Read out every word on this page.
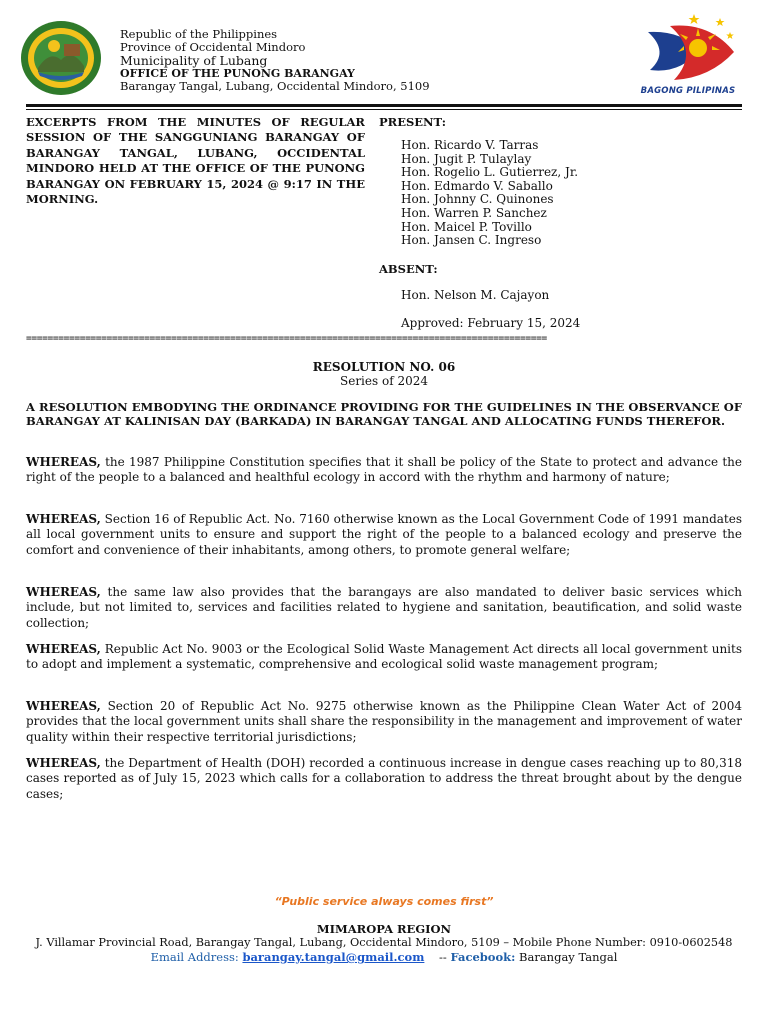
Republic of the Philippines
Province of Occidental Mindoro
Municipality of Lubang
OFFICE OF THE PUNONG BARANGAY
Barangay Tangal, Lubang, Occidental Mindoro, 5109	BAGONG PILIPINAS
EXCERPTS FROM THE MINUTES OF REGULAR SESSION OF THE SANGGUNIANG BARANGAY OF BARANGAY TANGAL, LUBANG, OCCIDENTAL MINDORO HELD AT THE OFFICE OF THE PUNONG BARANGAY ON FEBRUARY 15, 2024 @ 9:17 IN THE MORNING.
PRESENT:
Hon. Ricardo V. Tarras
Hon. Jugit P. Tulaylay
Hon. Rogelio L. Gutierrez, Jr.
Hon. Edmardo V. Saballo
Hon. Johnny C. Quinones
Hon. Warren P. Sanchez
Hon. Maicel P. Tovillo
Hon. Jansen C. Ingreso
ABSENT:
Hon. Nelson M. Cajayon
Approved: February 15, 2024
=================================================================================================
RESOLUTION NO. 06
Series of 2024
A RESOLUTION EMBODYING THE ORDINANCE PROVIDING FOR THE GUIDELINES IN THE OBSERVANCE OF BARANGAY AT KALINISAN DAY (BARKADA) IN BARANGAY TANGAL AND ALLOCATING FUNDS THEREFOR.
WHEREAS, the 1987 Philippine Constitution specifies that it shall be policy of the State to protect and advance the right of the people to a balanced and healthful ecology in accord with the rhythm and harmony of nature;
WHEREAS, Section 16 of Republic Act. No. 7160 otherwise known as the Local Government Code of 1991 mandates all local government units to ensure and support the right of the people to a balanced ecology and preserve the comfort and convenience of their inhabitants, among others, to promote general welfare;
WHEREAS, the same law also provides that the barangays are also mandated to deliver basic services which include, but not limited to, services and facilities related to hygiene and sanitation, beautification, and solid waste collection;
WHEREAS, Republic Act No. 9003 or the Ecological Solid Waste Management Act directs all local government units to adopt and implement a systematic, comprehensive and ecological solid waste management program;
WHEREAS, Section 20 of Republic Act No. 9275 otherwise known as the Philippine Clean Water Act of 2004 provides that the local government units shall share the responsibility in the management and improvement of water quality within their respective territorial jurisdictions;
WHEREAS, the Department of Health (DOH) recorded a continuous increase in dengue cases reaching up to 80,318 cases reported as of July 15, 2023 which calls for a collaboration to address the threat brought about by the dengue cases;
“Public service always comes first”
MIMAROPA REGION
J. Villamar Provincial Road, Barangay Tangal, Lubang, Occidental Mindoro, 5109 – Mobile Phone Number: 0910-0602548
Email Address: barangay.tangal@gmail.com -- Facebook: Barangay Tangal
